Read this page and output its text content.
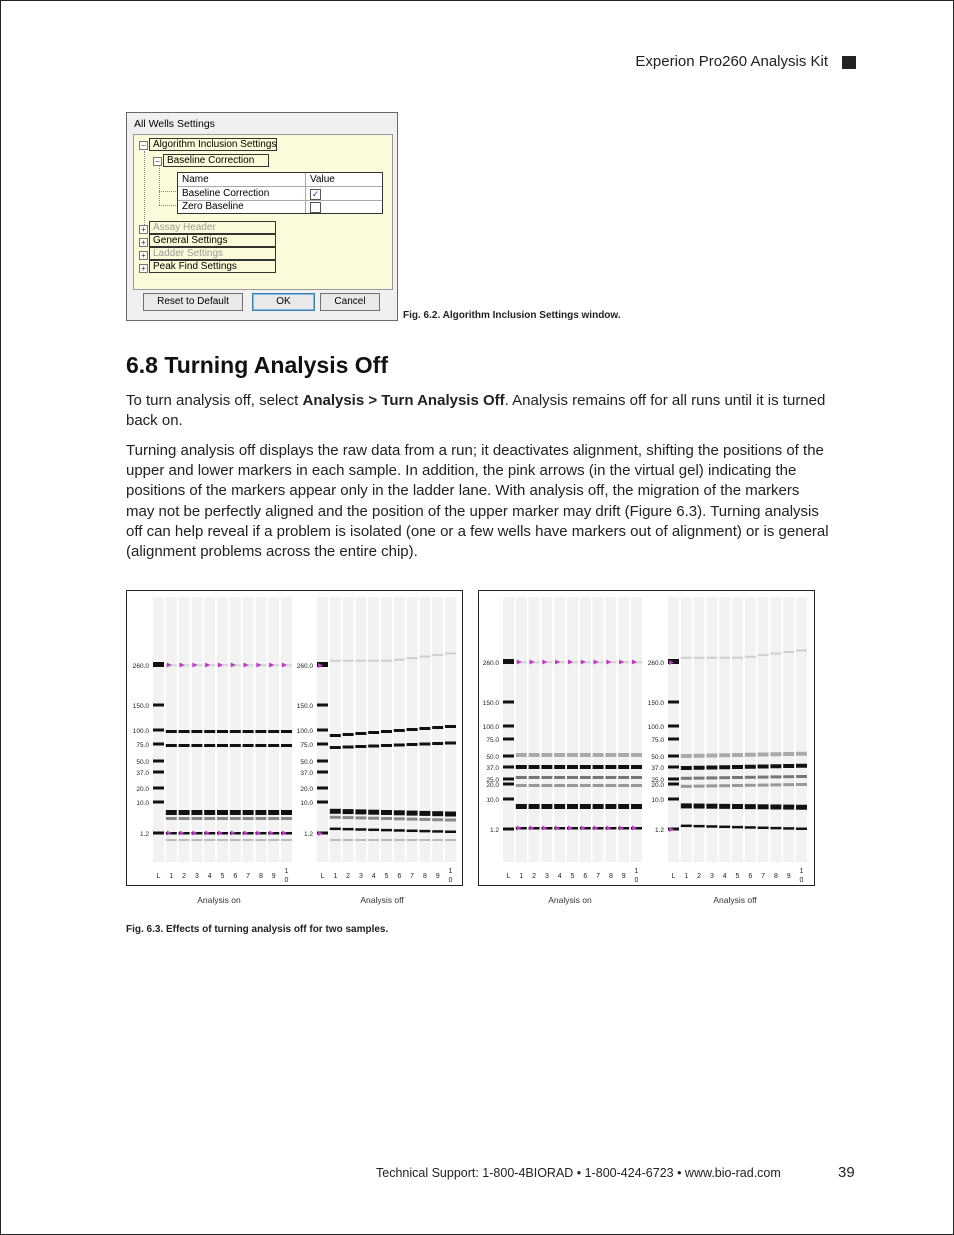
Experion Pro260 Analysis Kit
All Wells Settings
− Algorithm Inclusion Settings
− Baseline Correction
Name	Value
Baseline Correction	✓
Zero Baseline
+ Assay Header
+ General Settings
+ Ladder Settings
+ Peak Find Settings
Reset to Default	OK	Cancel
Fig. 6.2. Algorithm Inclusion Settings window.
6.8 Turning Analysis Off

To turn analysis off, select Analysis > Turn Analysis Off. Analysis remains off for all runs until it is turned back on.

Turning analysis off displays the raw data from a run; it deactivates alignment, shifting the positions of the upper and lower markers in each sample. In addition, the pink arrows (in the virtual gel) indicating the positions of the markers appear only in the ladder lane. With analysis off, the migration of the markers may not be perfectly aligned and the position of the upper marker may drift (Figure 6.3). Turning analysis off can help reveal if a problem is isolated (one or a few wells have markers out of alignment) or is general (alignment problems across the entire chip).

260.0
150.0
100.0
75.0
50.0
37.0
20.0
10.0
1.2
L 1 2 3 4 5 6 7 8 9
1
0
260.0
150.0
100.0
75.0
50.0
37.0
20.0
10.0
1.2
L 1 2 3 4 5 6 7 8 9
1
0
260.0
150.0
100.0
75.0
50.0
37.0
25.0
20.0
10.0
1.2
L 1 2 3 4 5 6 7 8 9
1
0
260.0
150.0
100.0
75.0
50.0
37.0
25.0
20.0
10.0
1.2
L 1 2 3 4 5 6 7 8 9
1
0
Analysis on	Analysis off	Analysis on	Analysis off
Fig. 6.3. Effects of turning analysis off for two samples.
Technical Support: 1-800-4BIORAD • 1-800-424-6723 • www.bio-rad.com	39
